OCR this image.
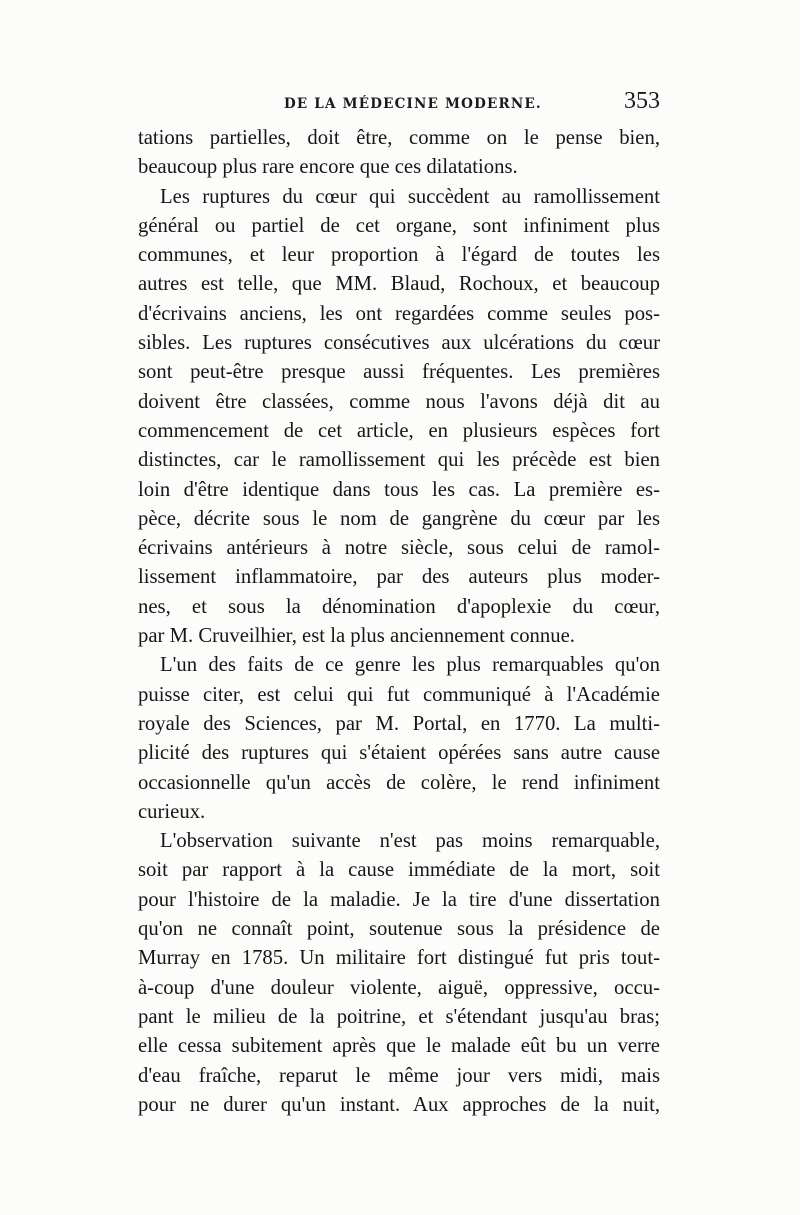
DE LA MÉDECINE MODERNE.	353
tations partielles, doit être, comme on le pense bien,
beaucoup plus rare encore que ces dilatations.
Les ruptures du cœur qui succèdent au ramollissement
général ou partiel de cet organe, sont infiniment plus
communes, et leur proportion à l'égard de toutes les
autres est telle, que MM. Blaud, Rochoux, et beaucoup
d'écrivains anciens, les ont regardées comme seules pos-
sibles. Les ruptures consécutives aux ulcérations du cœur
sont peut-être presque aussi fréquentes. Les premières
doivent être classées, comme nous l'avons déjà dit au
commencement de cet article, en plusieurs espèces fort
distinctes, car le ramollissement qui les précède est bien
loin d'être identique dans tous les cas. La première es-
pèce, décrite sous le nom de gangrène du cœur par les
écrivains antérieurs à notre siècle, sous celui de ramol-
lissement inflammatoire, par des auteurs plus moder-
nes, et sous la dénomination d'apoplexie du cœur,
par M. Cruveilhier, est la plus anciennement connue.
L'un des faits de ce genre les plus remarquables qu'on
puisse citer, est celui qui fut communiqué à l'Académie
royale des Sciences, par M. Portal, en 1770. La multi-
plicité des ruptures qui s'étaient opérées sans autre cause
occasionnelle qu'un accès de colère, le rend infiniment
curieux.
L'observation suivante n'est pas moins remarquable,
soit par rapport à la cause immédiate de la mort, soit
pour l'histoire de la maladie. Je la tire d'une dissertation
qu'on ne connaît point, soutenue sous la présidence de
Murray en 1785. Un militaire fort distingué fut pris tout-
à-coup d'une douleur violente, aiguë, oppressive, occu-
pant le milieu de la poitrine, et s'étendant jusqu'au bras;
elle cessa subitement après que le malade eût bu un verre
d'eau fraîche, reparut le même jour vers midi, mais
pour ne durer qu'un instant. Aux approches de la nuit,
